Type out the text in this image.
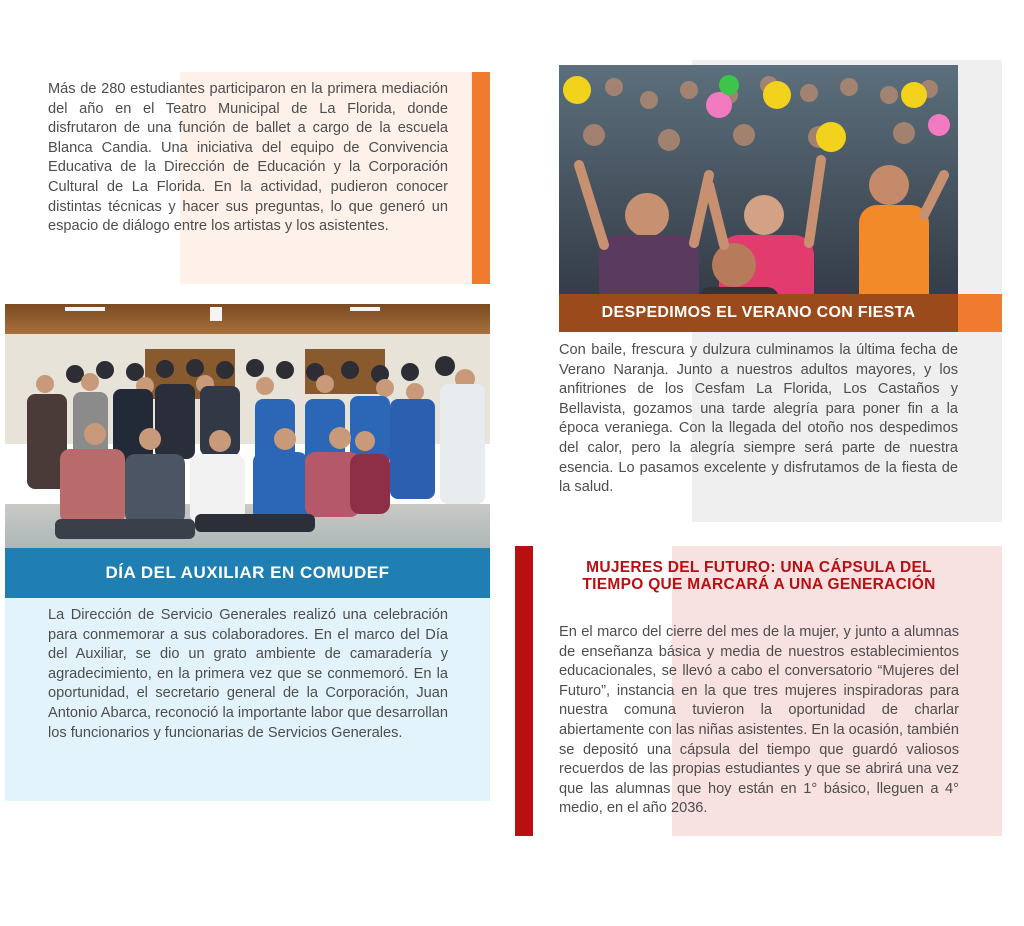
Más de 280 estudiantes participaron en la primera mediación del año en el Teatro Municipal de La Florida, donde disfrutaron de una función de ballet a cargo de la escuela Blanca Candia. Una iniciativa del equipo de Convivencia Educativa de la Dirección de Educación y la Corporación Cultural de La Florida. En la actividad, pudieron conocer distintas técnicas y hacer sus preguntas, lo que generó un espacio de diálogo entre los artistas y los asistentes.

DÍA DEL AUXILIAR EN COMUDEF

La Dirección de Servicio Generales realizó una celebración para conmemorar a sus colaboradores. En el marco del Día del Auxiliar, se dio un grato ambiente de camaradería y agradecimiento, en la primera vez que se conmemoró. En la oportunidad, el secretario general de la Corporación, Juan Antonio Abarca, reconoció la importante labor que desarrollan los funcionarios y funcionarias de Servicios Generales.

DESPEDIMOS EL VERANO CON FIESTA

Con baile, frescura y dulzura culminamos la última fecha de Verano Naranja. Junto a nuestros adultos mayores, y los anfitriones de los Cesfam La Florida, Los Castaños y Bellavista, gozamos una tarde alegría para poner fin a la época veraniega. Con la llegada del otoño nos despedimos del calor, pero la alegría siempre será parte de nuestra esencia. Lo pasamos excelente y disfrutamos de la fiesta de la salud.

MUJERES DEL FUTURO: UNA CÁPSULA DEL TIEMPO QUE MARCARÁ A UNA GENERACIÓN

En el marco del cierre del mes de la mujer, y junto a alumnas de enseñanza básica y media de nuestros establecimientos educacionales, se llevó a cabo el conversatorio “Mujeres del Futuro”, instancia en la que tres mujeres inspiradoras para nuestra comuna tuvieron la oportunidad de charlar abiertamente con las niñas asistentes. En la ocasión, también se depositó una cápsula del tiempo que guardó valiosos recuerdos de las propias estudiantes y que se abrirá una vez que las alumnas que hoy están en 1° básico, lleguen a 4° medio, en el año 2036.
